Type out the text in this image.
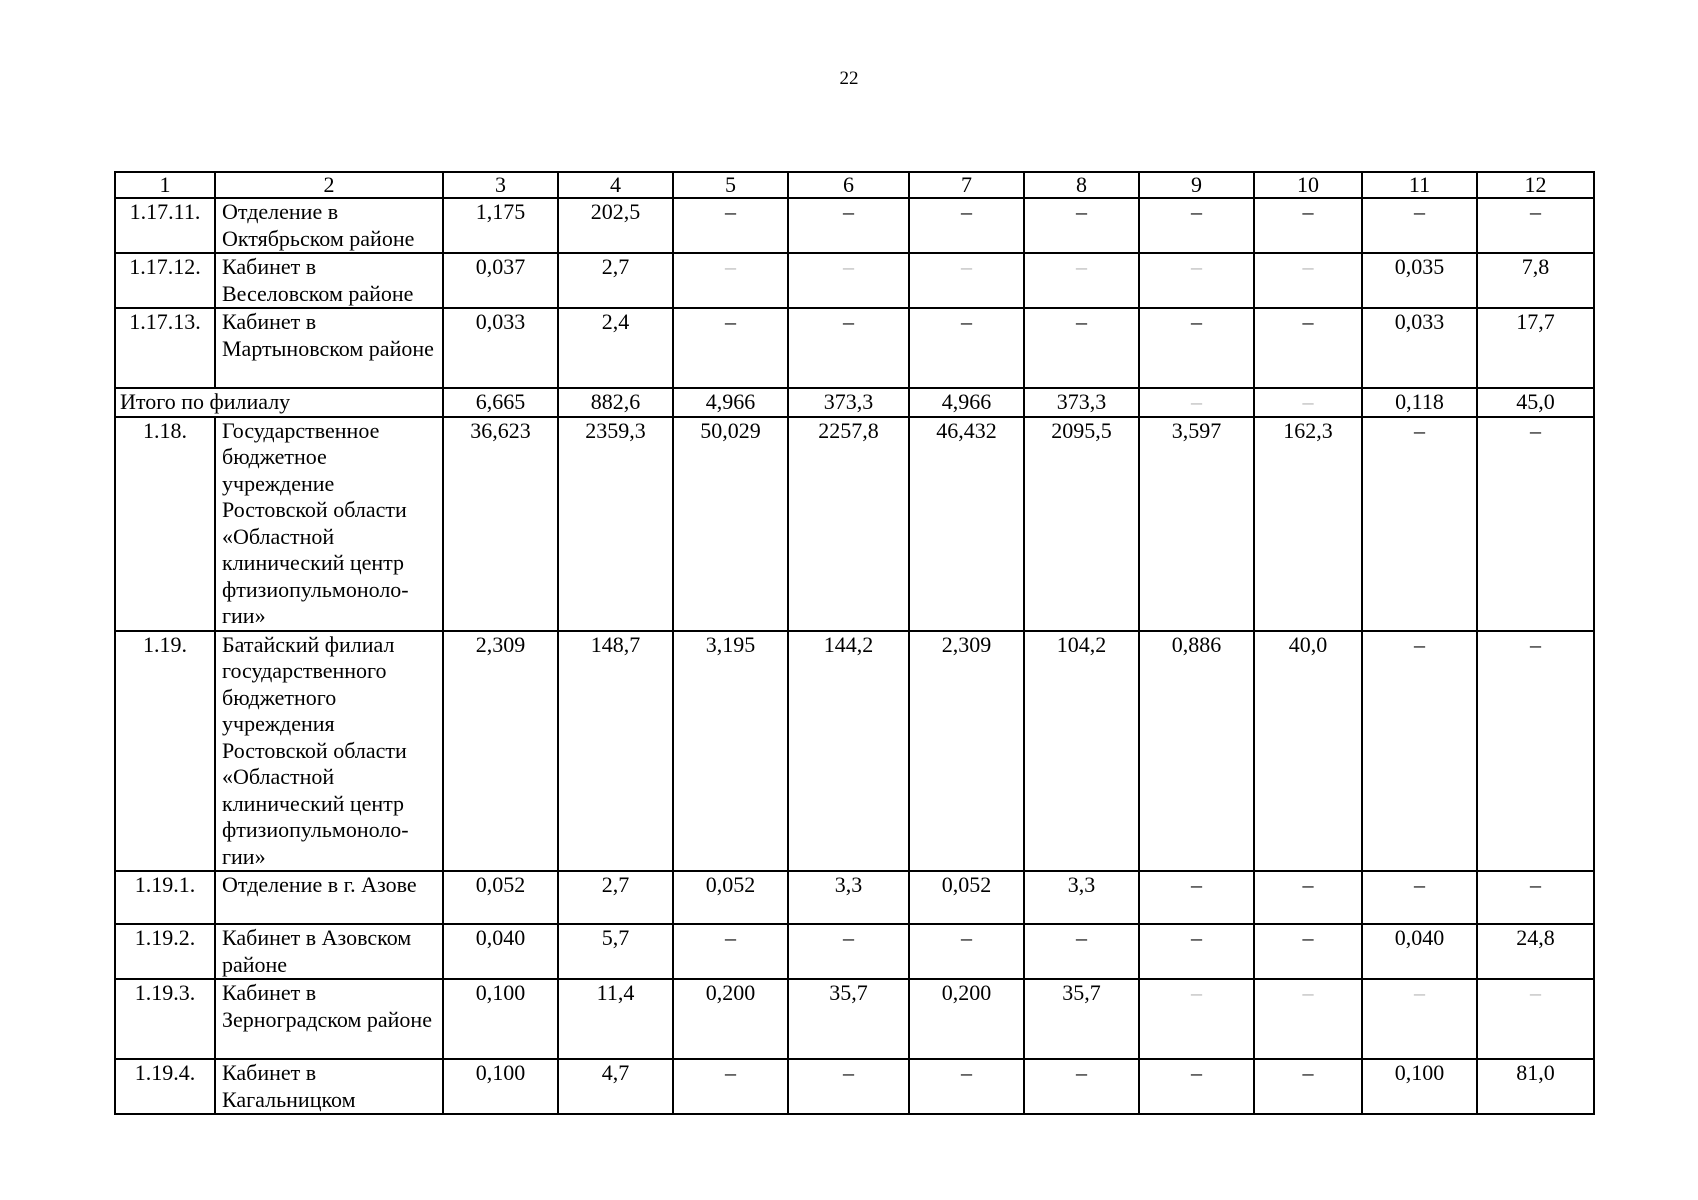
22
1	2	3	4	5	6	7	8	9	10	11	12
1.17.11.	Отделение в Октябрьском районе	1,175	202,5	–	–	–	–	–	–	–	–
1.17.12.	Кабинет в Веселовском районе	0,037	2,7	–	–	–	–	–	–	0,035	7,8
1.17.13.	Кабинет в Мартыновском районе	0,033	2,4	–	–	–	–	–	–	0,033	17,7
Итого по филиалу		6,665	882,6	4,966	373,3	4,966	373,3	–	–	0,118	45,0
1.18.	Государственное бюджетное учреждение Ростовской области «Областной клинический центр фтизиопульмоноло-гии»	36,623	2359,3	50,029	2257,8	46,432	2095,5	3,597	162,3	–	–
1.19.	Батайский филиал государственного бюджетного учреждения Ростовской области «Областной клинический центр фтизиопульмоноло-гии»	2,309	148,7	3,195	144,2	2,309	104,2	0,886	40,0	–	–
1.19.1.	Отделение в г. Азове	0,052	2,7	0,052	3,3	0,052	3,3	–	–	–	–
1.19.2.	Кабинет в Азовском районе	0,040	5,7	–	–	–	–	–	–	0,040	24,8
1.19.3.	Кабинет в Зерноградском районе	0,100	11,4	0,200	35,7	0,200	35,7	–	–	–	–
1.19.4.	Кабинет в Кагальницком	0,100	4,7	–	–	–	–	–	–	0,100	81,0
